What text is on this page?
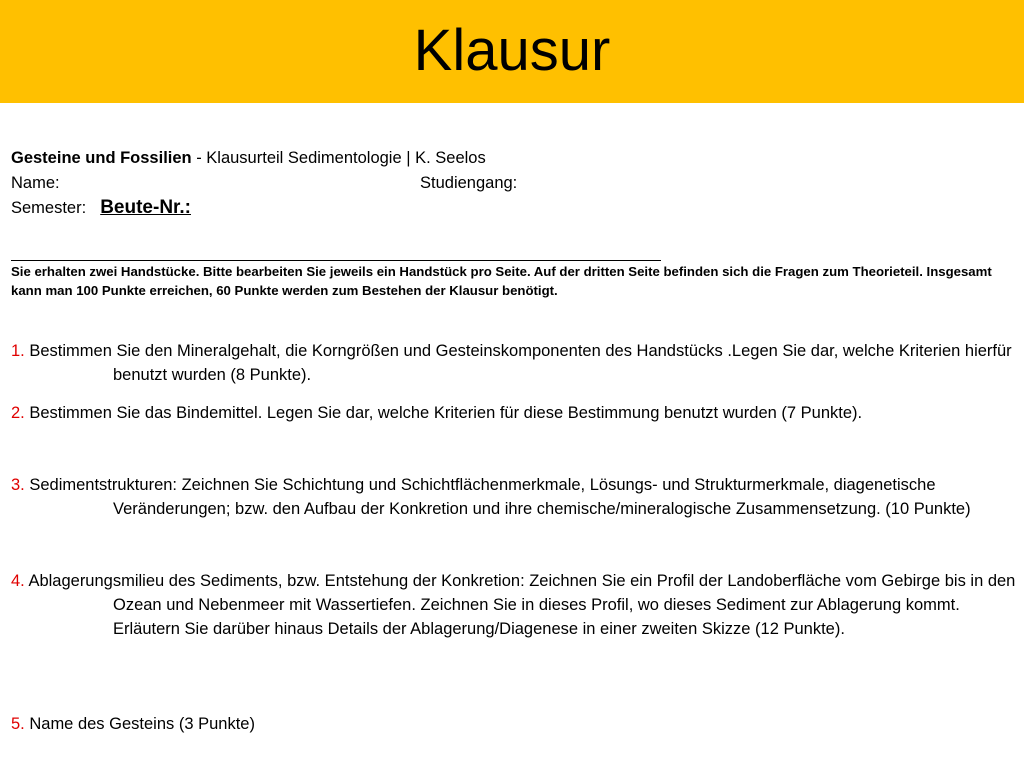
Klausur
Gesteine und Fossilien - Klausurteil Sedimentologie | K. Seelos
Name:	Studiengang:
Semester: Beute-Nr.:
Sie erhalten zwei Handstücke. Bitte bearbeiten Sie jeweils ein Handstück pro Seite. Auf der dritten Seite befinden sich die Fragen zum Theorieteil. Insgesamt kann man 100 Punkte erreichen, 60 Punkte werden zum Bestehen der Klausur benötigt.
1. Bestimmen Sie den Mineralgehalt, die Korngrößen und Gesteinskomponenten des Handstücks .Legen Sie dar, welche Kriterien hierfür benutzt wurden (8 Punkte).
2. Bestimmen Sie das Bindemittel. Legen Sie dar, welche Kriterien für diese Bestimmung benutzt wurden (7 Punkte).
3. Sedimentstrukturen: Zeichnen Sie Schichtung und Schichtflächenmerkmale, Lösungs- und Strukturmerkmale, diagenetische Veränderungen; bzw. den Aufbau der Konkretion und ihre chemische/mineralogische Zusammensetzung. (10 Punkte)
4. Ablagerungsmilieu des Sediments, bzw. Entstehung der Konkretion: Zeichnen Sie ein Profil der Landoberfläche vom Gebirge bis in den Ozean und Nebenmeer mit Wassertiefen. Zeichnen Sie in dieses Profil, wo dieses Sediment zur Ablagerung kommt. Erläutern Sie darüber hinaus Details der Ablagerung/Diagenese in einer zweiten Skizze (12 Punkte).
5. Name des Gesteins (3 Punkte)
